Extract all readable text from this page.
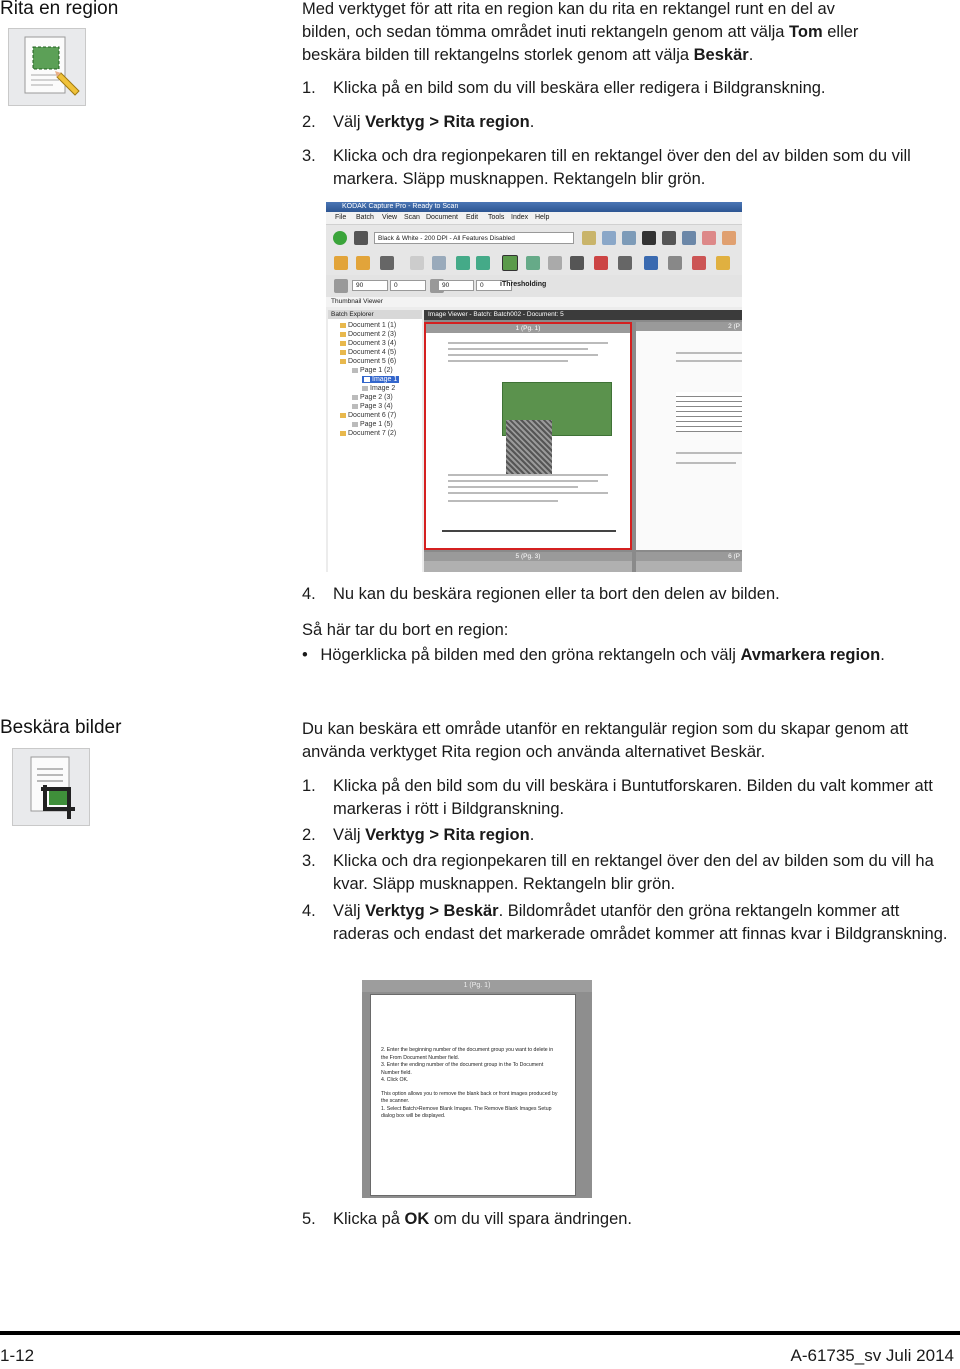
Rita en region	Med verktyget för att rita en region kan du rita en rektangel runt en del av
bilden, och sedan tömma området inuti rektangeln genom att välja Tom eller
beskära bilden till rektangelns storlek genom att välja Beskär.
1. Klicka på en bild som du vill beskära eller redigera i Bildgranskning.
2. Välj Verktyg > Rita region.
3. Klicka och dra regionpekaren till en rektangel över den del av bilden som du vill markera. Släpp musknappen. Rektangeln blir grön.
KODAK Capture Pro - Ready to Scan
File Batch View Scan Document Edit Tools Index Help
Black & White - 200 DPI - All Features Disabled
90	0	90	0	iThresholding
Thumbnail Viewer
Batch Explorer
Document 1 (1)
Document 2 (3)
Document 3 (4)
Document 4 (5)
Document 5 (6)
Page 1 (2)
Image 1
Image 2
Page 2 (3)
Page 3 (4)
Document 6 (7)
Page 1 (5)
Document 7 (2)
Image Viewer - Batch: Batch002 - Document: 5
1 (Pg. 1)	2 (P
5 (Pg. 3)	6 (P
4. Nu kan du beskära regionen eller ta bort den delen av bilden.
Så här tar du bort en region:
• Högerklicka på bilden med den gröna rektangeln och välj Avmarkera region.
Beskära bilder	Du kan beskära ett område utanför en rektangulär region som du skapar genom att använda verktyget Rita region och använda alternativet Beskär.
1. Klicka på den bild som du vill beskära i Buntutforskaren. Bilden du valt kommer att markeras i rött i Bildgranskning.
2. Välj Verktyg > Rita region.
3. Klicka och dra regionpekaren till en rektangel över den del av bilden som du vill ha kvar. Släpp musknappen. Rektangeln blir grön.
4. Välj Verktyg > Beskär. Bildområdet utanför den gröna rektangeln kommer att raderas och endast det markerade området kommer att finnas kvar i Bildgranskning.
1 (Pg. 1)
2. Enter the beginning number of the document group you want to delete in
the From Document Number field.
3. Enter the ending number of the document group in the To Document
Number field.
4. Click OK.
This option allows you to remove the blank back or front images produced by
the scanner.
1. Select Batch>Remove Blank Images. The Remove Blank Images Setup
dialog box will be displayed.
5. Klicka på OK om du vill spara ändringen.
1-12	A-61735_sv Juli 2014
